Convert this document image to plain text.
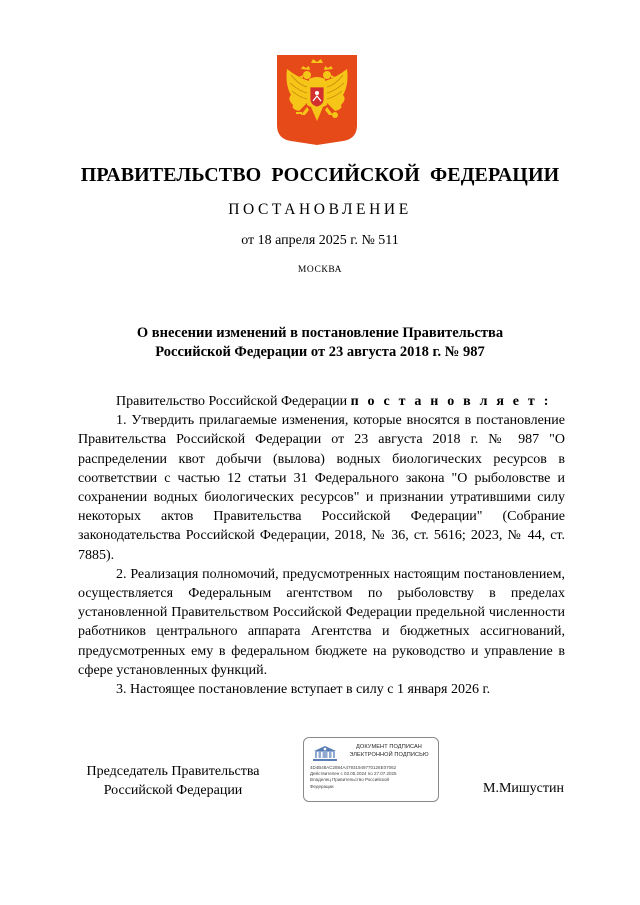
ПРАВИТЕЛЬСТВО РОССИЙСКОЙ ФЕДЕРАЦИИ
ПОСТАНОВЛЕНИЕ
от 18 апреля 2025 г. № 511
МОСКВА
О внесении изменений в постановление Правительства
Российской Федерации от 23 августа 2018 г. № 987

Правительство Российской Федерации п о с т а н о в л я е т :

1. Утвердить прилагаемые изменения, которые вносятся в постановление Правительства Российской Федерации от 23 августа 2018 г. № 987 "О распределении квот добычи (вылова) водных биологических ресурсов в соответствии с частью 12 статьи 31 Федерального закона "О рыболовстве и сохранении водных биологических ресурсов" и признании утратившими силу некоторых актов Правительства Российской Федерации" (Собрание законодательства Российской Федерации, 2018, № 36, ст. 5616; 2023, № 44, ст. 7885).

2. Реализация полномочий, предусмотренных настоящим постановлением, осуществляется Федеральным агентством по рыболовству в пределах установленной Правительством Российской Федерации предельной численности работников центрального аппарата Агентства и бюджетных ассигнований, предусмотренных ему в федеральном бюджете на руководство и управление в сфере установленных функций.

3. Настоящее постановление вступает в силу с 1 января 2026 г.

Председатель Правительства
Российской Федерации
ДОКУМЕНТ ПОДПИСАН
ЭЛЕКТРОННОЙ ПОДПИСЬЮ
4D4B48AC2884A47931949770126E07062
Действителен с 03.05.2024 по 27.07.2025
Владелец Правительство Российской
Федерации	М.Мишустин
